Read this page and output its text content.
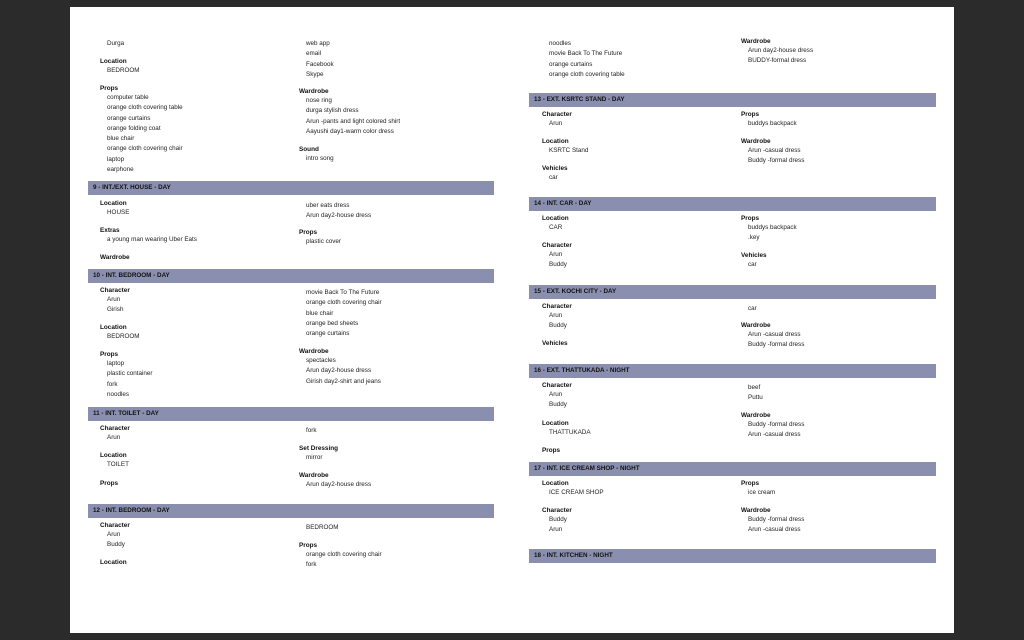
Durga
Location
BEDROOM
Props
computer table
orange cloth covering table
orange curtains
orange folding coat
blue chair
orange cloth covering chair
laptop
earphone
web app
email
Facebook
Skype
Wardrobe
nose ring
durga stylish dress
Arun -pants and light colored shirt
Aayushi day1-warm color dress
Sound
intro song
9 - INT./EXT. HOUSE - DAY
Location
HOUSE
Extras
a young man wearing Uber Eats
Wardrobe
uber eats dress
Arun day2-house dress
Props
plastic cover
10 - INT. BEDROOM - DAY
Character
Arun
Girish
Location
BEDROOM
Props
laptop
plastic container
fork
noodles
movie Back To The Future
orange cloth covering chair
blue chair
orange bed sheets
orange curtains
Wardrobe
spectacles
Arun day2-house dress
Girish day2-shirt and jeans
11 - INT. TOILET - DAY
Character
Arun
Location
TOILET
Props
fork
Set Dressing
mirror
Wardrobe
Arun day2-house dress
12 - INT. BEDROOM - DAY
Character
Arun
Buddy
Location
BEDROOM
Props
orange cloth covering chair
fork
noodles
movie Back To The Future
orange curtains
orange cloth covering table
Wardrobe
Arun day2-house dress
BUDDY-formal dress
13 - EXT. KSRTC STAND - DAY
Character
Arun
Location
KSRTC Stand
Vehicles
car
Props
buddys backpack
Wardrobe
Arun -casual dress
Buddy -formal dress
14 - INT. CAR - DAY
Location
CAR
Character
Arun
Buddy
Props
buddys backpack
.key
Vehicles
car
15 - EXT. KOCHI CITY - DAY
Character
Arun
Buddy
Vehicles
car
Wardrobe
Arun -casual dress
Buddy -formal dress
16 - EXT. THATTUKADA - NIGHT
Character
Arun
Buddy
Location
THATTUKADA
Props
beef
Puttu
Wardrobe
Buddy -formal dress
Arun -casual dress
17 - INT. ICE CREAM SHOP - NIGHT
Location
ICE CREAM SHOP
Character
Buddy
Arun
Props
ice cream
Wardrobe
Buddy -formal dress
Arun -casual dress
18 - INT. KITCHEN - NIGHT
